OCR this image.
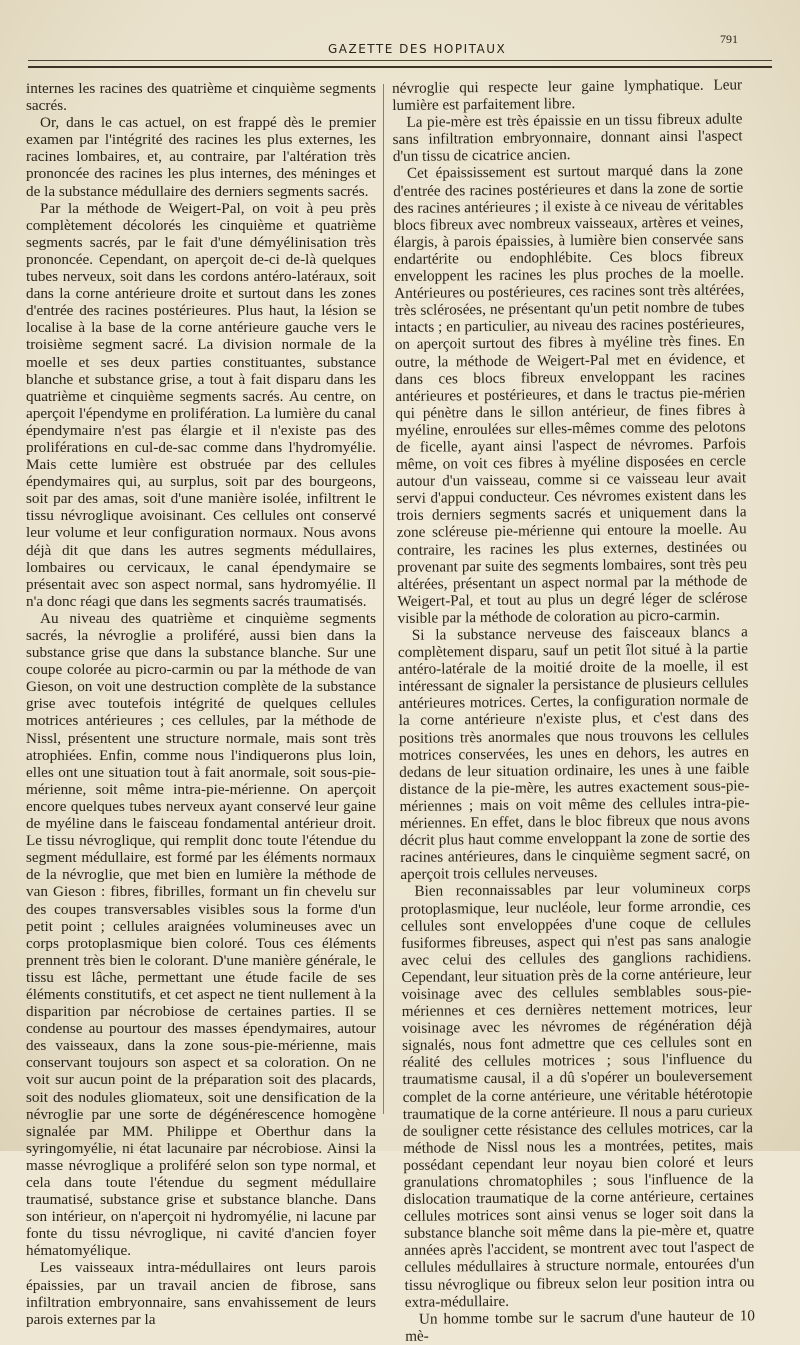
GAZETTE DES HOPITAUX
791

internes les racines des quatrième et cinquième segments sacrés.

Or, dans le cas actuel, on est frappé dès le premier examen par l'intégrité des racines les plus externes, les racines lombaires, et, au contraire, par l'altération très prononcée des racines les plus internes, des méninges et de la substance médullaire des derniers segments sacrés.

Par la méthode de Weigert-Pal, on voit à peu près complètement décolorés les cinquième et quatrième segments sacrés, par le fait d'une démyélinisation très prononcée. Cependant, on aperçoit de-ci de-là quelques tubes nerveux, soit dans les cordons antéro-latéraux, soit dans la corne antérieure droite et surtout dans les zones d'entrée des racines postérieures. Plus haut, la lésion se localise à la base de la corne antérieure gauche vers le troisième segment sacré. La division normale de la moelle et ses deux parties constituantes, substance blanche et substance grise, a tout à fait disparu dans les quatrième et cinquième segments sacrés. Au centre, on aperçoit l'épendyme en prolifération. La lumière du canal épendymaire n'est pas élargie et il n'existe pas des proliférations en cul-de-sac comme dans l'hydromyélie. Mais cette lumière est obstruée par des cellules épendymaires qui, au surplus, soit par des bourgeons, soit par des amas, soit d'une manière isolée, infiltrent le tissu névroglique avoisinant. Ces cellules ont conservé leur volume et leur configuration normaux. Nous avons déjà dit que dans les autres segments médullaires, lombaires ou cervicaux, le canal épendymaire se présentait avec son aspect normal, sans hydromyélie. Il n'a donc réagi que dans les segments sacrés traumatisés.

Au niveau des quatrième et cinquième segments sacrés, la névroglie a proliféré, aussi bien dans la substance grise que dans la substance blanche. Sur une coupe colorée au picro-carmin ou par la méthode de van Gieson, on voit une destruction complète de la substance grise avec toutefois intégrité de quelques cellules motrices antérieures ; ces cellules, par la méthode de Nissl, présentent une structure normale, mais sont très atrophiées. Enfin, comme nous l'indiquerons plus loin, elles ont une situation tout à fait anormale, soit sous-pie-mérienne, soit même intra-pie-mérienne. On aperçoit encore quelques tubes nerveux ayant conservé leur gaine de myéline dans le faisceau fondamental antérieur droit. Le tissu névroglique, qui remplit donc toute l'étendue du segment médullaire, est formé par les éléments normaux de la névroglie, que met bien en lumière la méthode de van Gieson : fibres, fibrilles, formant un fin chevelu sur des coupes transversables visibles sous la forme d'un petit point ; cellules araignées volumineuses avec un corps protoplasmique bien coloré. Tous ces éléments prennent très bien le colorant. D'une manière générale, le tissu est lâche, permettant une étude facile de ses éléments constitutifs, et cet aspect ne tient nullement à la disparition par nécrobiose de certaines parties. Il se condense au pourtour des masses épendymaires, autour des vaisseaux, dans la zone sous-pie-mérienne, mais conservant toujours son aspect et sa coloration. On ne voit sur aucun point de la préparation soit des placards, soit des nodules gliomateux, soit une densification de la névroglie par une sorte de dégénérescence homogène signalée par MM. Philippe et Oberthur dans la syringomyélie, ni état lacunaire par nécrobiose. Ainsi la masse névroglique a proliféré selon son type normal, et cela dans toute l'étendue du segment médullaire traumatisé, substance grise et substance blanche. Dans son intérieur, on n'aperçoit ni hydromyélie, ni lacune par fonte du tissu névroglique, ni cavité d'ancien foyer hématomyélique.

Les vaisseaux intra-médullaires ont leurs parois épaissies, par un travail ancien de fibrose, sans infiltration embryonnaire, sans envahissement de leurs parois externes par la

névroglie qui respecte leur gaine lymphatique. Leur lumière est parfaitement libre.

La pie-mère est très épaissie en un tissu fibreux adulte sans infiltration embryonnaire, donnant ainsi l'aspect d'un tissu de cicatrice ancien.

Cet épaississement est surtout marqué dans la zone d'entrée des racines postérieures et dans la zone de sortie des racines antérieures ; il existe à ce niveau de véritables blocs fibreux avec nombreux vaisseaux, artères et veines, élargis, à parois épaissies, à lumière bien conservée sans endartérite ou endophlébite. Ces blocs fibreux enveloppent les racines les plus proches de la moelle. Antérieures ou postérieures, ces racines sont très altérées, très sclérosées, ne présentant qu'un petit nombre de tubes intacts ; en particulier, au niveau des racines postérieures, on aperçoit surtout des fibres à myéline très fines. En outre, la méthode de Weigert-Pal met en évidence, et dans ces blocs fibreux enveloppant les racines antérieures et postérieures, et dans le tractus pie-mérien qui pénètre dans le sillon antérieur, de fines fibres à myéline, enroulées sur elles-mêmes comme des pelotons de ficelle, ayant ainsi l'aspect de névromes. Parfois même, on voit ces fibres à myéline disposées en cercle autour d'un vaisseau, comme si ce vaisseau leur avait servi d'appui conducteur. Ces névromes existent dans les trois derniers segments sacrés et uniquement dans la zone scléreuse pie-mérienne qui entoure la moelle. Au contraire, les racines les plus externes, destinées ou provenant par suite des segments lombaires, sont très peu altérées, présentant un aspect normal par la méthode de Weigert-Pal, et tout au plus un degré léger de sclérose visible par la méthode de coloration au picro-carmin.

Si la substance nerveuse des faisceaux blancs a complètement disparu, sauf un petit îlot situé à la partie antéro-latérale de la moitié droite de la moelle, il est intéressant de signaler la persistance de plusieurs cellules antérieures motrices. Certes, la configuration normale de la corne antérieure n'existe plus, et c'est dans des positions très anormales que nous trouvons les cellules motrices conservées, les unes en dehors, les autres en dedans de leur situation ordinaire, les unes à une faible distance de la pie-mère, les autres exactement sous-pie-mériennes ; mais on voit même des cellules intra-pie-mériennes. En effet, dans le bloc fibreux que nous avons décrit plus haut comme enveloppant la zone de sortie des racines antérieures, dans le cinquième segment sacré, on aperçoit trois cellules nerveuses.

Bien reconnaissables par leur volumineux corps protoplasmique, leur nucléole, leur forme arrondie, ces cellules sont enveloppées d'une coque de cellules fusiformes fibreuses, aspect qui n'est pas sans analogie avec celui des cellules des ganglions rachidiens. Cependant, leur situation près de la corne antérieure, leur voisinage avec des cellules semblables sous-pie-mériennes et ces dernières nettement motrices, leur voisinage avec les névromes de régénération déjà signalés, nous font admettre que ces cellules sont en réalité des cellules motrices ; sous l'influence du traumatisme causal, il a dû s'opérer un bouleversement complet de la corne antérieure, une véritable hétérotopie traumatique de la corne antérieure. Il nous a paru curieux de souligner cette résistance des cellules motrices, car la méthode de Nissl nous les a montrées, petites, mais possédant cependant leur noyau bien coloré et leurs granulations chromatophiles ; sous l'influence de la dislocation traumatique de la corne antérieure, certaines cellules motrices sont ainsi venus se loger soit dans la substance blanche soit même dans la pie-mère et, quatre années après l'accident, se montrent avec tout l'aspect de cellules médullaires à structure normale, entourées d'un tissu névroglique ou fibreux selon leur position intra ou extra-médullaire.

Un homme tombe sur le sacrum d'une hauteur de 10 mè-
